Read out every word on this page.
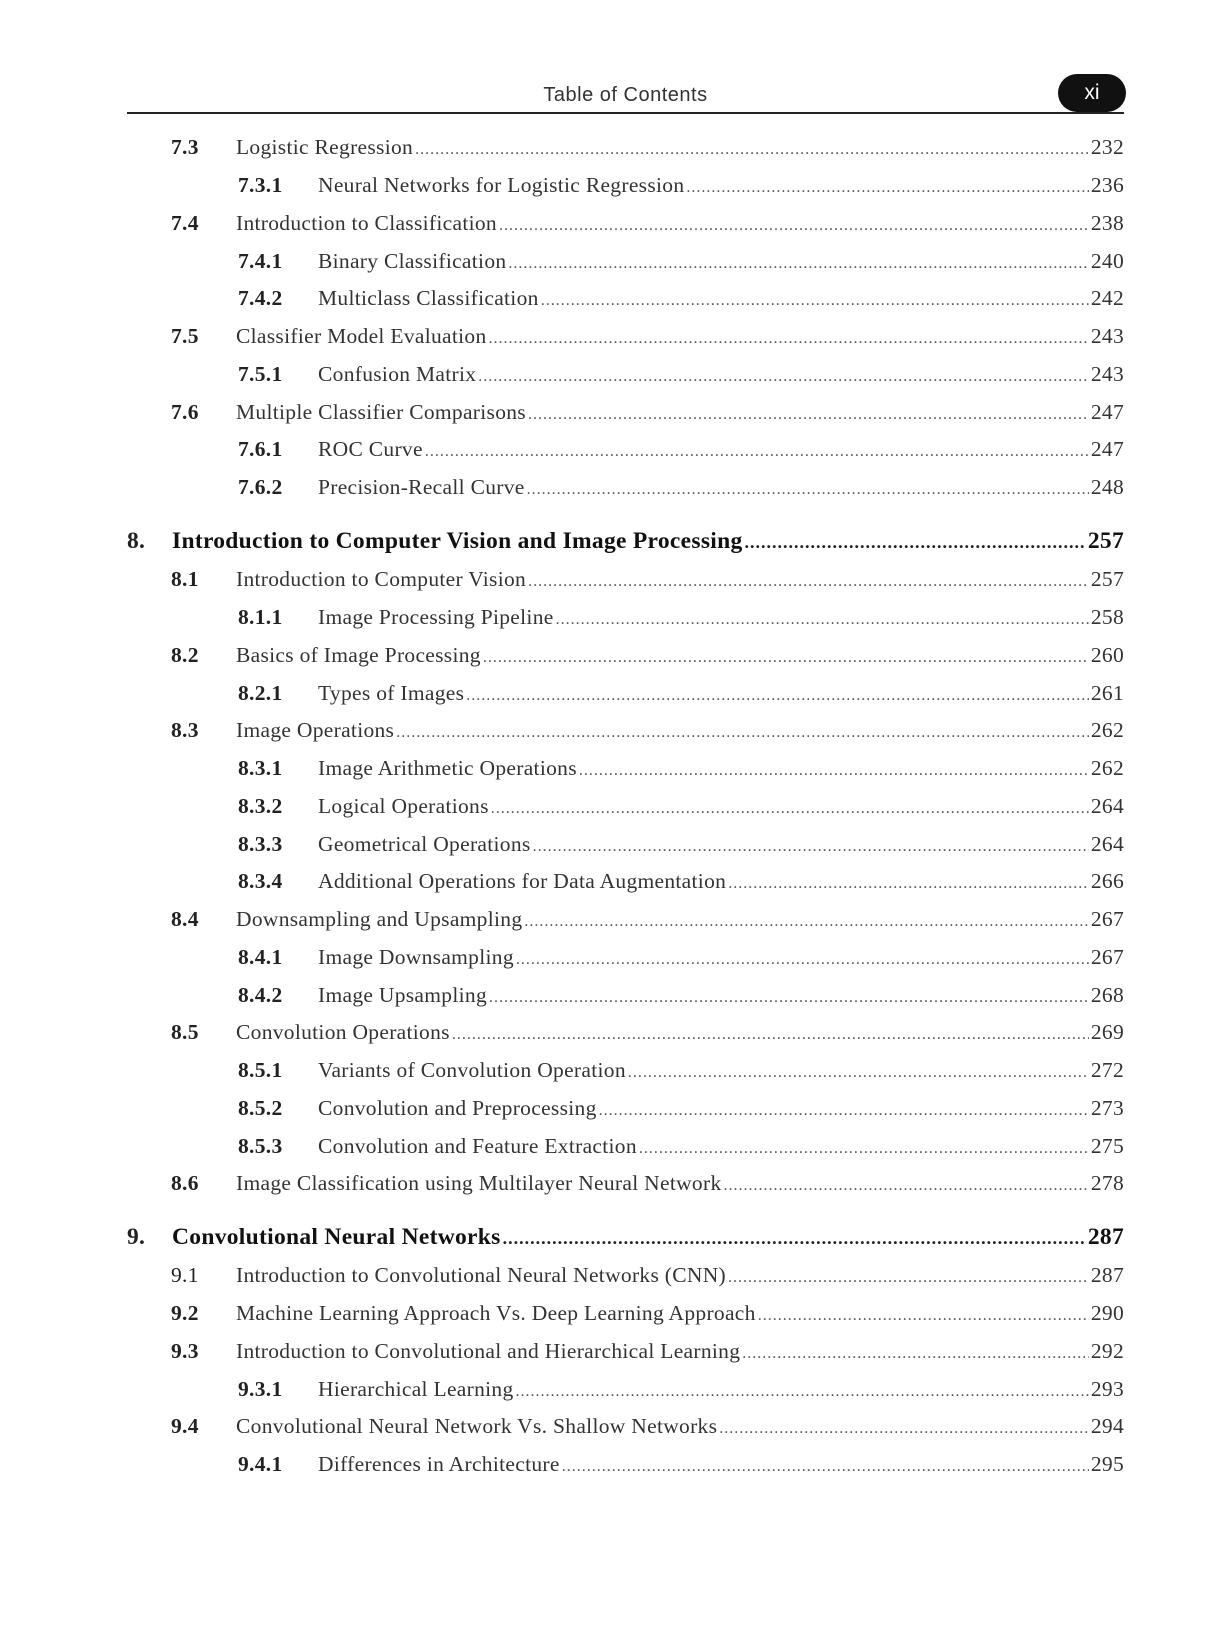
Table of Contents	xi
7.3	Logistic Regression .....	232
7.3.1	Neural Networks for Logistic Regression .....	236
7.4	Introduction to Classification .....	238
7.4.1	Binary Classification .....	240
7.4.2	Multiclass Classification .....	242
7.5	Classifier Model Evaluation .....	243
7.5.1	Confusion Matrix .....	243
7.6	Multiple Classifier Comparisons .....	247
7.6.1	ROC Curve .....	247
7.6.2	Precision-Recall Curve .....	248
8.	Introduction to Computer Vision and Image Processing .....	257
8.1	Introduction to Computer Vision .....	257
8.1.1	Image Processing Pipeline .....	258
8.2	Basics of Image Processing .....	260
8.2.1	Types of Images .....	261
8.3	Image Operations .....	262
8.3.1	Image Arithmetic Operations .....	262
8.3.2	Logical Operations .....	264
8.3.3	Geometrical Operations .....	264
8.3.4	Additional Operations for Data Augmentation .....	266
8.4	Downsampling and Upsampling .....	267
8.4.1	Image Downsampling .....	267
8.4.2	Image Upsampling .....	268
8.5	Convolution Operations .....	269
8.5.1	Variants of Convolution Operation .....	272
8.5.2	Convolution and Preprocessing .....	273
8.5.3	Convolution and Feature Extraction .....	275
8.6	Image Classification using Multilayer Neural Network .....	278
9.	Convolutional Neural Networks .....	287
9.1	Introduction to Convolutional Neural Networks (CNN) .....	287
9.2	Machine Learning Approach Vs. Deep Learning Approach .....	290
9.3	Introduction to Convolutional and Hierarchical Learning .....	292
9.3.1	Hierarchical Learning .....	293
9.4	Convolutional Neural Network Vs. Shallow Networks .....	294
9.4.1	Differences in Architecture .....	295
